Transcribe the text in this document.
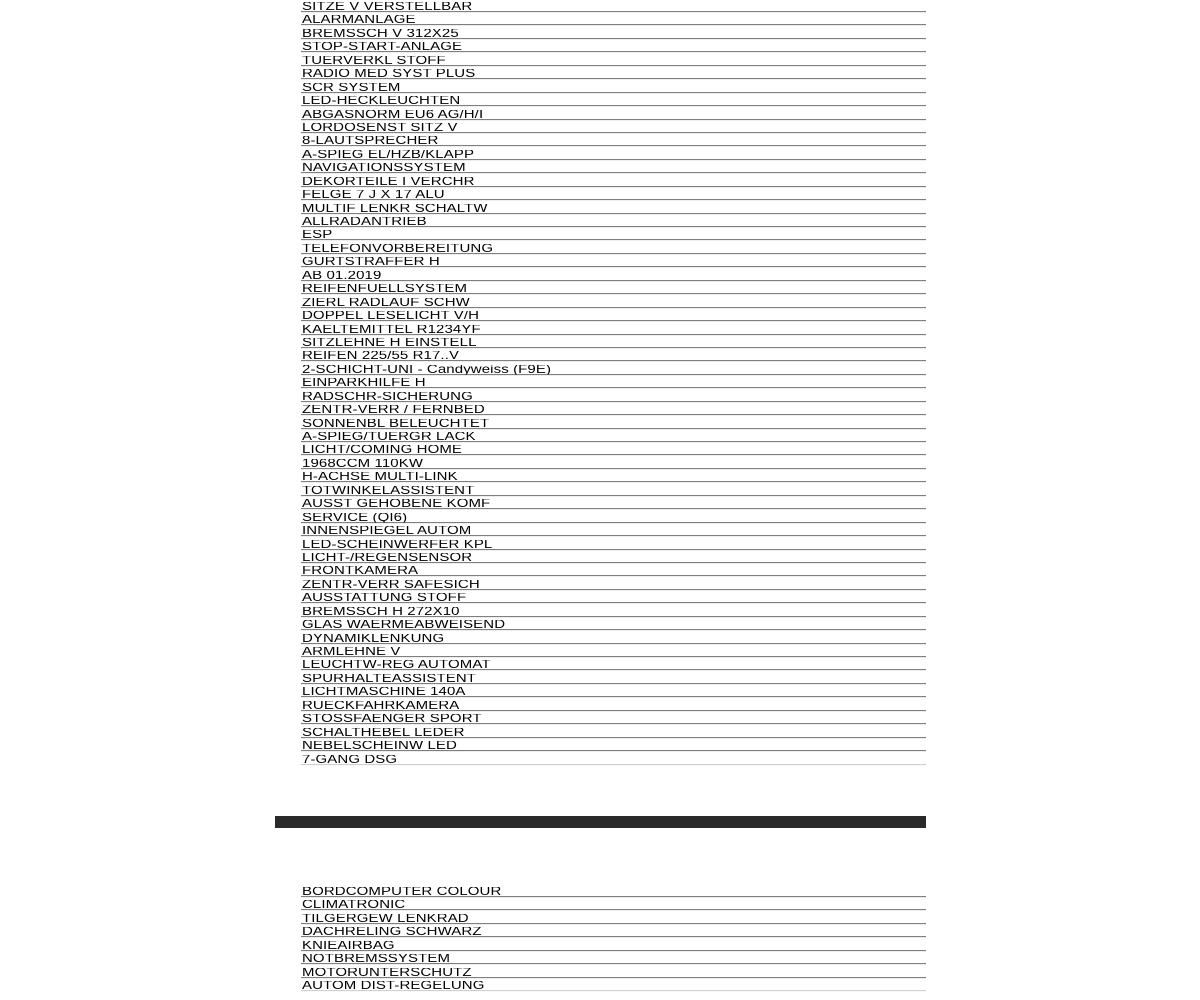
SITZE V VERSTELLBAR
ALARMANLAGE
BREMSSCH V 312X25
STOP-START-ANLAGE
TUERVERKL STOFF
RADIO MED SYST PLUS
SCR SYSTEM
LED-HECKLEUCHTEN
ABGASNORM EU6 AG/H/I
LORDOSENST SITZ V
8-LAUTSPRECHER
A-SPIEG EL/HZB/KLAPP
NAVIGATIONSSYSTEM
DEKORTEILE I VERCHR
FELGE 7 J X 17 ALU
MULTIF LENKR SCHALTW
ALLRADANTRIEB
ESP
TELEFONVORBEREITUNG
GURTSTRAFFER H
AB 01.2019
REIFENFUELLSYSTEM
ZIERL RADLAUF SCHW
DOPPEL LESELICHT V/H
KAELTEMITTEL R1234YF
SITZLEHNE H EINSTELL
REIFEN 225/55 R17..V
2-SCHICHT-UNI - Candyweiss (F9E)
EINPARKHILFE H
RADSCHR-SICHERUNG
ZENTR-VERR / FERNBED
SONNENBL BELEUCHTET
A-SPIEG/TUERGR LACK
LICHT/COMING HOME
1968CCM 110KW
H-ACHSE MULTI-LINK
TOTWINKELASSISTENT
AUSST GEHOBENE KOMF
SERVICE (QI6)
INNENSPIEGEL AUTOM
LED-SCHEINWERFER KPL
LICHT-/REGENSENSOR
FRONTKAMERA
ZENTR-VERR SAFESICH
AUSSTATTUNG STOFF
BREMSSCH H 272X10
GLAS WAERMEABWEISEND
DYNAMIKLENKUNG
ARMLEHNE V
LEUCHTW-REG AUTOMAT
SPURHALTEASSISTENT
LICHTMASCHINE 140A
RUECKFAHRKAMERA
STOSSFAENGER SPORT
SCHALTHEBEL LEDER
NEBELSCHEINW LED
7-GANG DSG
BORDCOMPUTER COLOUR
CLIMATRONIC
TILGERGEW LENKRAD
DACHRELING SCHWARZ
KNIEAIRBAG
NOTBREMSSYSTEM
MOTORUNTERSCHUTZ
AUTOM DIST-REGELUNG
